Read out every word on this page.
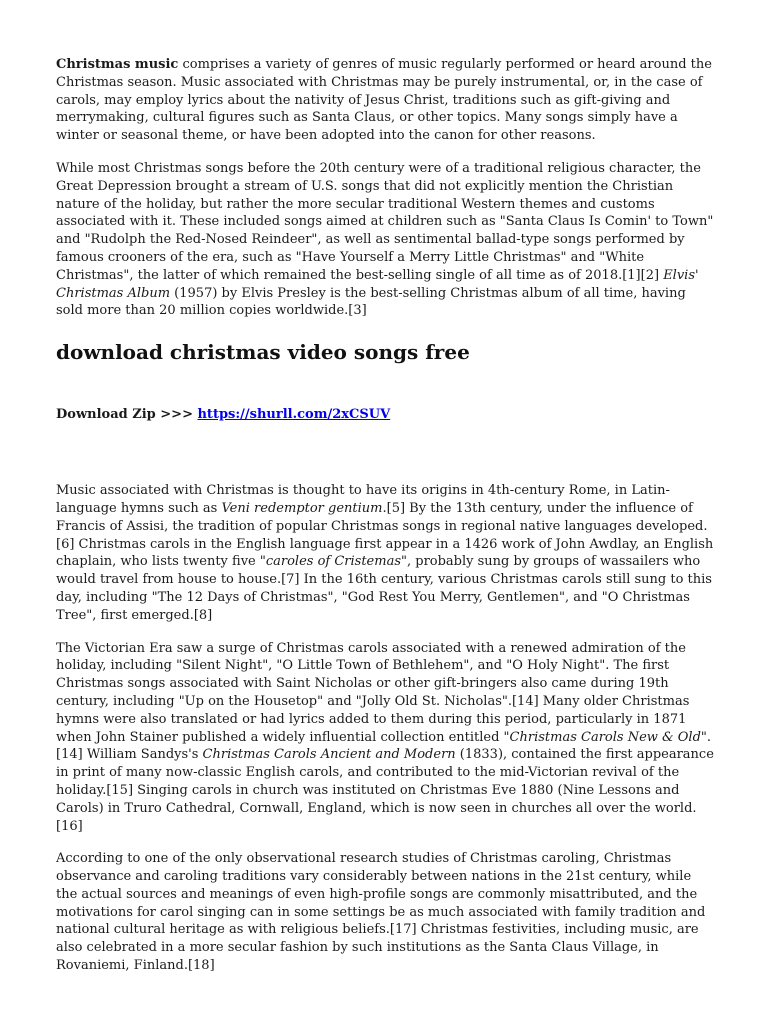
Christmas music comprises a variety of genres of music regularly performed or heard around the Christmas season. Music associated with Christmas may be purely instrumental, or, in the case of carols, may employ lyrics about the nativity of Jesus Christ, traditions such as gift-giving and merrymaking, cultural figures such as Santa Claus, or other topics. Many songs simply have a winter or seasonal theme, or have been adopted into the canon for other reasons.

While most Christmas songs before the 20th century were of a traditional religious character, the Great Depression brought a stream of U.S. songs that did not explicitly mention the Christian nature of the holiday, but rather the more secular traditional Western themes and customs associated with it. These included songs aimed at children such as "Santa Claus Is Comin' to Town" and "Rudolph the Red-Nosed Reindeer", as well as sentimental ballad-type songs performed by famous crooners of the era, such as "Have Yourself a Merry Little Christmas" and "White Christmas", the latter of which remained the best-selling single of all time as of 2018.[1][2] Elvis' Christmas Album (1957) by Elvis Presley is the best-selling Christmas album of all time, having sold more than 20 million copies worldwide.[3]

download christmas video songs free
Download Zip >>> https://shurll.com/2xCSUV

Music associated with Christmas is thought to have its origins in 4th-century Rome, in Latin-language hymns such as Veni redemptor gentium.[5] By the 13th century, under the influence of Francis of Assisi, the tradition of popular Christmas songs in regional native languages developed.[6] Christmas carols in the English language first appear in a 1426 work of John Awdlay, an English chaplain, who lists twenty five "caroles of Cristemas", probably sung by groups of wassailers who would travel from house to house.[7] In the 16th century, various Christmas carols still sung to this day, including "The 12 Days of Christmas", "God Rest You Merry, Gentlemen", and "O Christmas Tree", first emerged.[8]

The Victorian Era saw a surge of Christmas carols associated with a renewed admiration of the holiday, including "Silent Night", "O Little Town of Bethlehem", and "O Holy Night". The first Christmas songs associated with Saint Nicholas or other gift-bringers also came during 19th century, including "Up on the Housetop" and "Jolly Old St. Nicholas".[14] Many older Christmas hymns were also translated or had lyrics added to them during this period, particularly in 1871 when John Stainer published a widely influential collection entitled "Christmas Carols New & Old".[14] William Sandys's Christmas Carols Ancient and Modern (1833), contained the first appearance in print of many now-classic English carols, and contributed to the mid-Victorian revival of the holiday.[15] Singing carols in church was instituted on Christmas Eve 1880 (Nine Lessons and Carols) in Truro Cathedral, Cornwall, England, which is now seen in churches all over the world.[16]

According to one of the only observational research studies of Christmas caroling, Christmas observance and caroling traditions vary considerably between nations in the 21st century, while the actual sources and meanings of even high-profile songs are commonly misattributed, and the motivations for carol singing can in some settings be as much associated with family tradition and national cultural heritage as with religious beliefs.[17] Christmas festivities, including music, are also celebrated in a more secular fashion by such institutions as the Santa Claus Village, in Rovaniemi, Finland.[18]
